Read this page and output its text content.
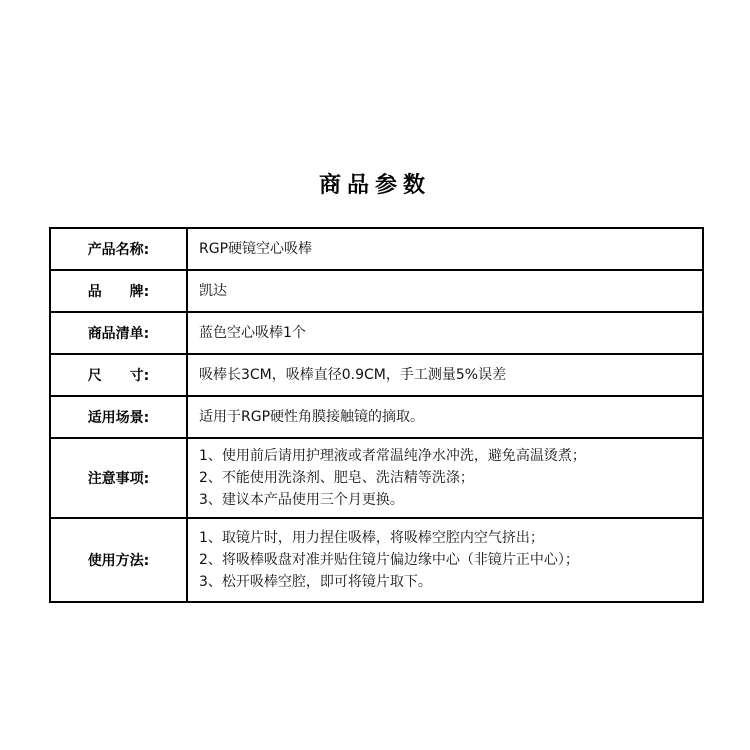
商品参数
产品名称:	RGP硬镜空心吸棒

品　　牌:	凯达

商品清单:	蓝色空心吸棒1个

尺　　寸:	吸棒长3CM，吸棒直径0.9CM，手工测量5%误差

适用场景:	适用于RGP硬性角膜接触镜的摘取。

注意事项:	1、使用前后请用护理液或者常温纯净水冲洗，避免高温烫煮；
2、不能使用洗涤剂、肥皂、洗洁精等洗涤；
3、建议本产品使用三个月更换。

使用方法:	1、取镜片时，用力捏住吸棒，将吸棒空腔内空气挤出；
2、将吸棒吸盘对准并贴住镜片偏边缘中心（非镜片正中心）；
3、松开吸棒空腔，即可将镜片取下。
